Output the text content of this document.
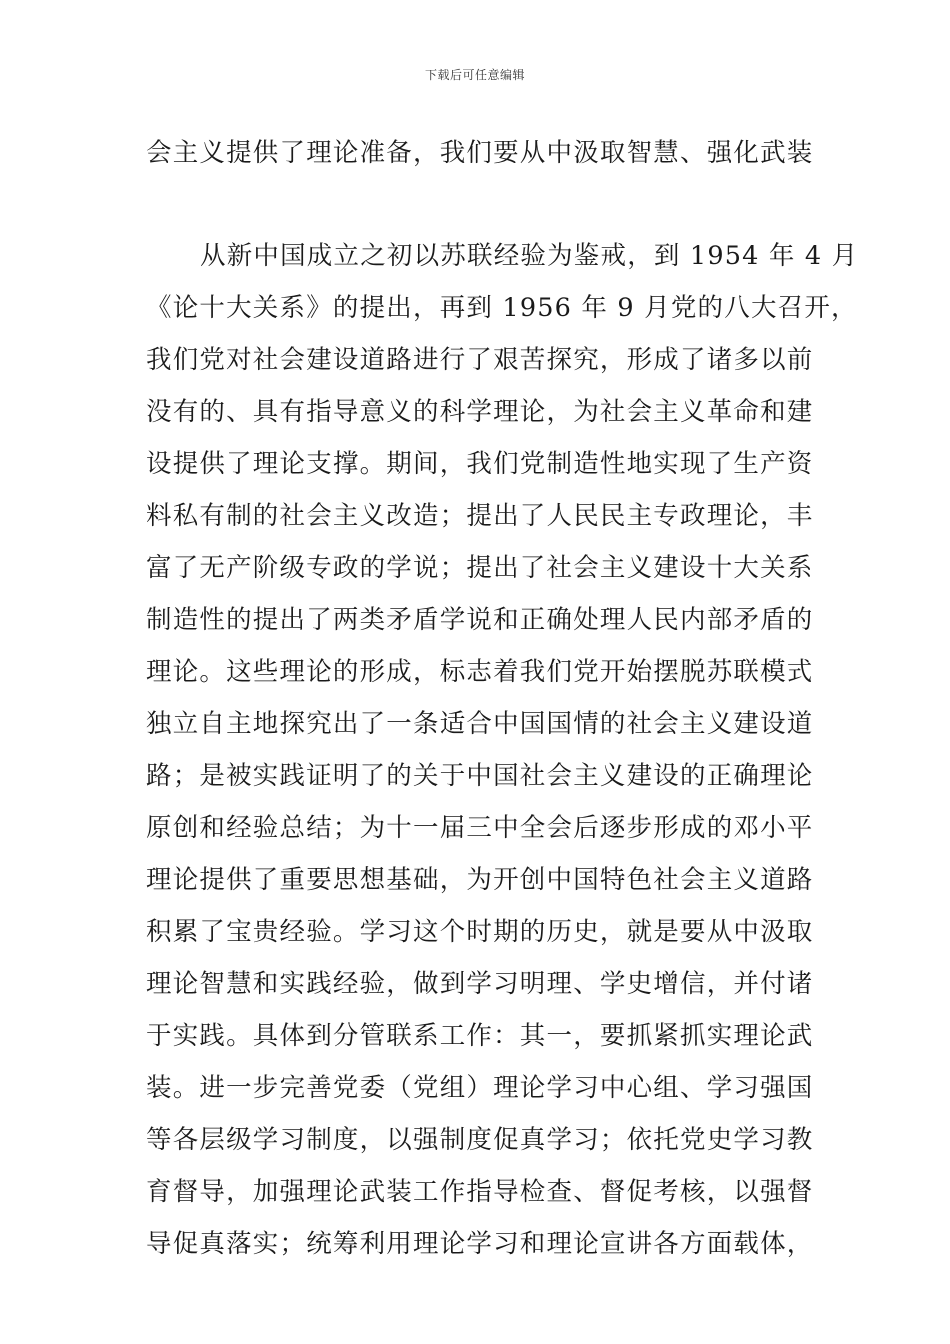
下载后可任意编辑
会主义提供了理论准备，我们要从中汲取智慧、强化武装
从新中国成立之初以苏联经验为鉴戒，到 1954 年 4 月
《论十大关系》的提出，再到 1956 年 9 月党的八大召开，
我们党对社会建设道路进行了艰苦探究，形成了诸多以前
没有的、具有指导意义的科学理论，为社会主义革命和建
设提供了理论支撑。期间，我们党制造性地实现了生产资
料私有制的社会主义改造；提出了人民民主专政理论，丰
富了无产阶级专政的学说；提出了社会主义建设十大关系
制造性的提出了两类矛盾学说和正确处理人民内部矛盾的
理论。这些理论的形成，标志着我们党开始摆脱苏联模式
独立自主地探究出了一条适合中国国情的社会主义建设道
路；是被实践证明了的关于中国社会主义建设的正确理论
原创和经验总结；为十一届三中全会后逐步形成的邓小平
理论提供了重要思想基础，为开创中国特色社会主义道路
积累了宝贵经验。学习这个时期的历史，就是要从中汲取
理论智慧和实践经验，做到学习明理、学史增信，并付诸
于实践。具体到分管联系工作：其一，要抓紧抓实理论武
装。进一步完善党委（党组）理论学习中心组、学习强国
等各层级学习制度，以强制度促真学习；依托党史学习教
育督导，加强理论武装工作指导检查、督促考核，以强督
导促真落实；统筹利用理论学习和理论宣讲各方面载体，
